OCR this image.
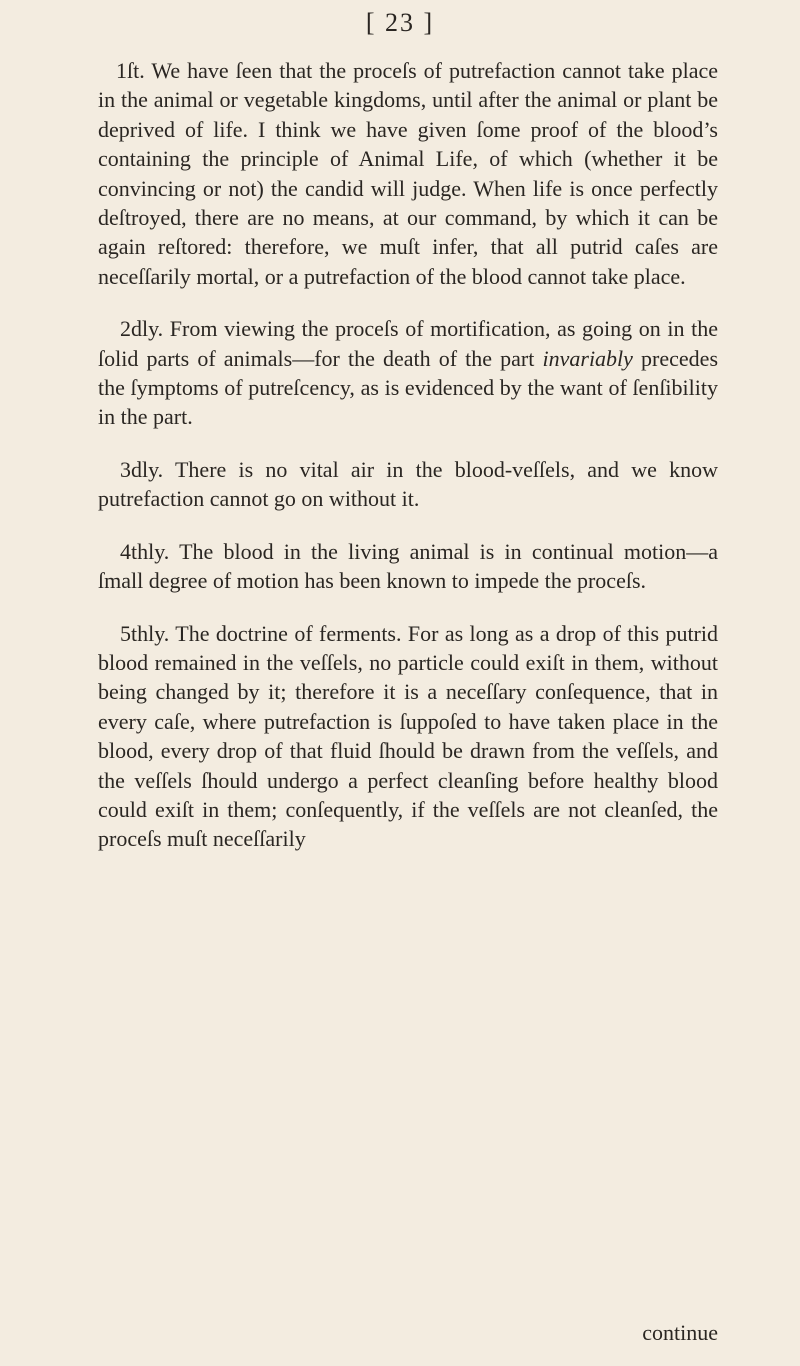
[ 23 ]

1ſt. We have ſeen that the proceſs of putrefaction cannot take place in the animal or vegetable kingdoms, until after the animal or plant be deprived of life. I think we have given ſome proof of the blood’s containing the principle of Animal Life, of which (whether it be convincing or not) the candid will judge. When life is once perfectly deſtroyed, there are no means, at our command, by which it can be again reſtored: therefore, we muſt infer, that all putrid caſes are neceſſarily mortal, or a putrefaction of the blood cannot take place.

2dly. From viewing the proceſs of mortification, as going on in the ſolid parts of animals—for the death of the part invariably precedes the ſymptoms of putreſcency, as is evidenced by the want of ſenſibility in the part.

3dly. There is no vital air in the blood-veſſels, and we know putrefaction cannot go on without it.

4thly. The blood in the living animal is in continual motion—a ſmall degree of motion has been known to impede the proceſs.

5thly. The doctrine of ferments. For as long as a drop of this putrid blood remained in the veſſels, no particle could exiſt in them, without being changed by it; therefore it is a neceſſary conſequence, that in every caſe, where putrefaction is ſuppoſed to have taken place in the blood, every drop of that fluid ſhould be drawn from the veſſels, and the veſſels ſhould undergo a perfect cleanſing before healthy blood could exiſt in them; conſequently, if the veſſels are not cleanſed, the proceſs muſt neceſſarily

continue
